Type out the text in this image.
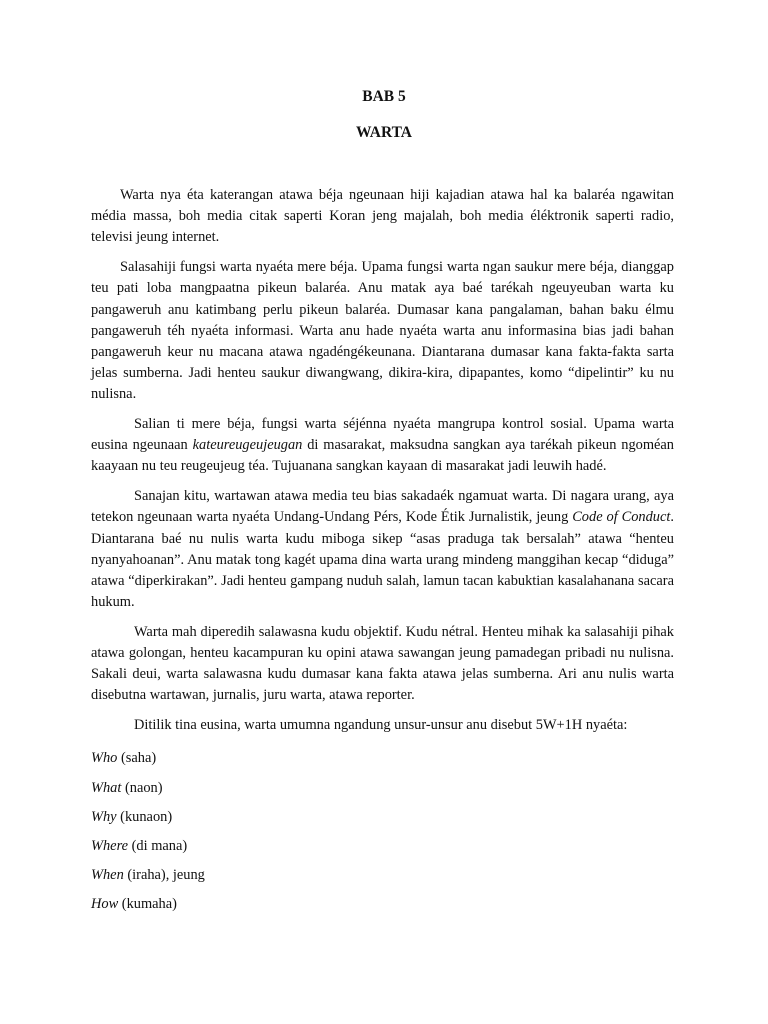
BAB 5
WARTA

Warta nya éta katerangan atawa béja ngeunaan hiji kajadian atawa hal ka balaréa ngawitan média massa, boh media citak saperti Koran jeng majalah, boh media éléktronik saperti radio, televisi jeung internet.

Salasahiji fungsi warta nyaéta mere béja. Upama fungsi warta ngan saukur mere béja, dianggap teu pati loba mangpaatna pikeun balaréa. Anu matak aya baé tarékah ngeuyeuban warta ku pangaweruh anu katimbang perlu pikeun balaréa. Dumasar kana pangalaman, bahan baku élmu pangaweruh téh nyaéta informasi. Warta anu hade nyaéta warta anu informasina bias jadi bahan pangaweruh keur nu macana atawa ngadéngékeunana. Diantarana dumasar kana fakta-fakta sarta jelas sumberna. Jadi henteu saukur diwangwang, dikira-kira, dipapantes, komo “dipelintir” ku nu nulisna.

Salian ti mere béja, fungsi warta séjénna nyaéta mangrupa kontrol sosial. Upama warta eusina ngeunaan kateureugeujeugan di masarakat, maksudna sangkan aya tarékah pikeun ngoméan kaayaan nu teu reugeujeug téa. Tujuanana sangkan kayaan di masarakat jadi leuwih hadé.

Sanajan kitu, wartawan atawa media teu bias sakadaék ngamuat warta. Di nagara urang, aya tetekon ngeunaan warta nyaéta Undang-Undang Pérs, Kode Étik Jurnalistik, jeung Code of Conduct. Diantarana baé nu nulis warta kudu miboga sikep “asas praduga tak bersalah” atawa “henteu nyanyahoanan”. Anu matak tong kagét upama dina warta urang mindeng manggihan kecap “diduga” atawa “diperkirakan”. Jadi henteu gampang nuduh salah, lamun tacan kabuktian kasalahanana sacara hukum.

Warta mah diperedih salawasna kudu objektif. Kudu nétral. Henteu mihak ka salasahiji pihak atawa golongan, henteu kacampuran ku opini atawa sawangan jeung pamadegan pribadi nu nulisna. Sakali deui, warta salawasna kudu dumasar kana fakta atawa jelas sumberna. Ari anu nulis warta disebutna wartawan, jurnalis, juru warta, atawa reporter.

Ditilik tina eusina, warta umumna ngandung unsur-unsur anu disebut 5W+1H nyaéta:

Who (saha)
What (naon)
Why (kunaon)
Where (di mana)
When (iraha), jeung
How (kumaha)
